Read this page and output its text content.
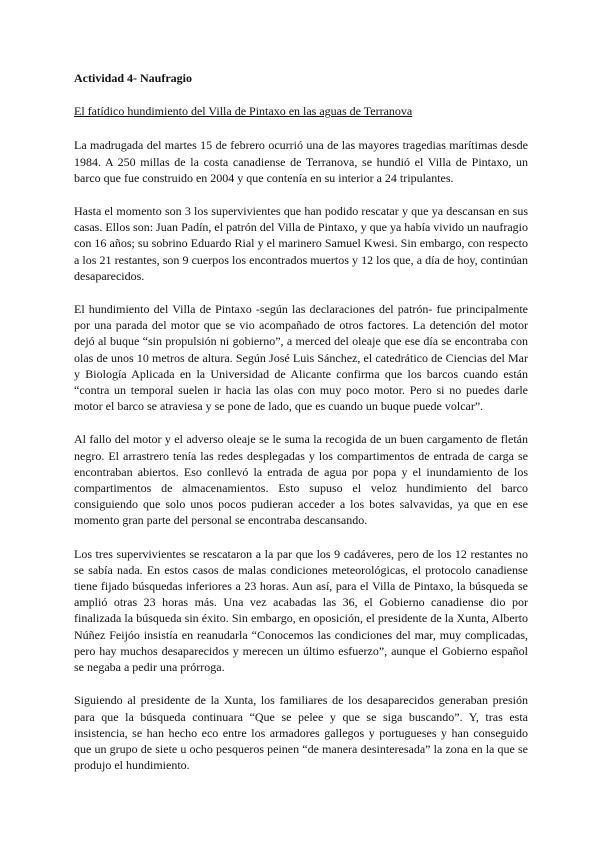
Actividad 4- Naufragio
El fatídico hundimiento del Villa de Pintaxo en las aguas de Terranova

La madrugada del martes 15 de febrero ocurrió una de las mayores tragedias marítimas desde 1984. A 250 millas de la costa canadiense de Terranova, se hundió el Villa de Pintaxo, un barco que fue construido en 2004 y que contenía en su interior a 24 tripulantes.

Hasta el momento son 3 los supervivientes que han podido rescatar y que ya descansan en sus casas. Ellos son: Juan Padín, el patrón del Villa de Pintaxo, y que ya había vivido un naufragio con 16 años; su sobrino Eduardo Rial y el marinero Samuel Kwesi. Sin embargo, con respecto a los 21 restantes, son 9 cuerpos los encontrados muertos y 12 los que, a día de hoy, continúan desaparecidos.

El hundimiento del Villa de Pintaxo -según las declaraciones del patrón- fue principalmente por una parada del motor que se vio acompañado de otros factores. La detención del motor dejó al buque “sin propulsión ni gobierno”, a merced del oleaje que ese día se encontraba con olas de unos 10 metros de altura. Según José Luis Sánchez, el catedrático de Ciencias del Mar y Biología Aplicada en la Universidad de Alicante confirma que los barcos cuando están “contra un temporal suelen ir hacia las olas con muy poco motor. Pero si no puedes darle motor el barco se atraviesa y se pone de lado, que es cuando un buque puede volcar”.

Al fallo del motor y el adverso oleaje se le suma la recogida de un buen cargamento de fletán negro. El arrastrero tenía las redes desplegadas y los compartimentos de entrada de carga se encontraban abiertos. Eso conllevó la entrada de agua por popa y el inundamiento de los compartimentos de almacenamientos. Esto supuso el veloz hundimiento del barco consiguiendo que solo unos pocos pudieran acceder a los botes salvavidas, ya que en ese momento gran parte del personal se encontraba descansando.

Los tres supervivientes se rescataron a la par que los 9 cadáveres, pero de los 12 restantes no se sabía nada. En estos casos de malas condiciones meteorológicas, el protocolo canadiense tiene fijado búsquedas inferiores a 23 horas. Aun así, para el Villa de Pintaxo, la búsqueda se amplió otras 23 horas más. Una vez acabadas las 36, el Gobierno canadiense dio por finalizada la búsqueda sin éxito. Sin embargo, en oposición, el presidente de la Xunta, Alberto Núñez Feijóo insistía en reanudarla “Conocemos las condiciones del mar, muy complicadas, pero hay muchos desaparecidos y merecen un último esfuerzo”, aunque el Gobierno español se negaba a pedir una prórroga.

Siguiendo al presidente de la Xunta, los familiares de los desaparecidos generaban presión para que la búsqueda continuara “Que se pelee y que se siga buscando”. Y, tras esta insistencia, se han hecho eco entre los armadores gallegos y portugueses y han conseguido que un grupo de siete u ocho pesqueros peinen “de manera desinteresada” la zona en la que se produjo el hundimiento.
